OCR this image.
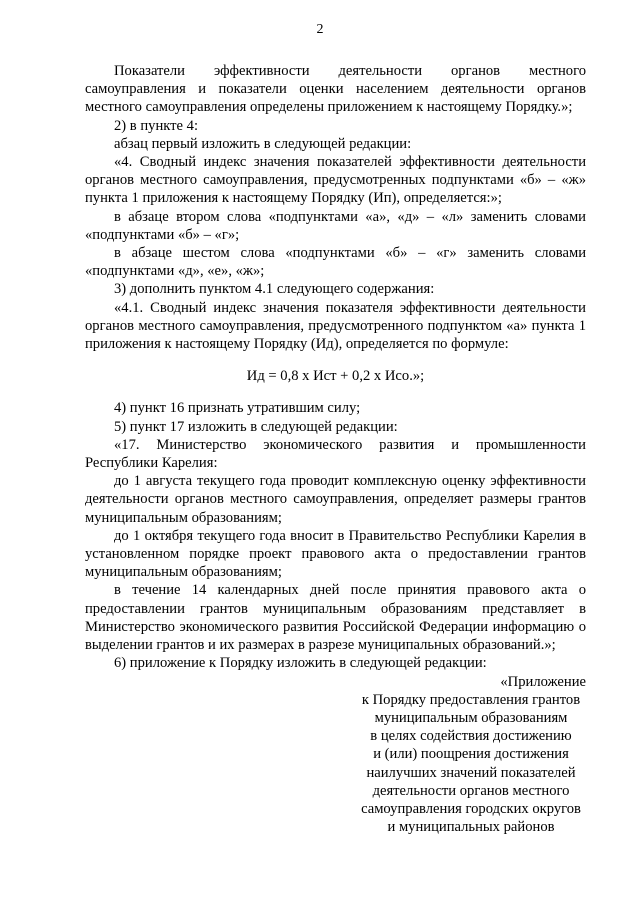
2

Показатели эффективности деятельности органов местного самоуправления и показатели оценки населением деятельности органов местного самоуправления определены приложением к настоящему Порядку.»;

2) в пункте 4:

абзац первый изложить в следующей редакции:

«4. Сводный индекс значения показателей эффективности деятельности органов местного самоуправления, предусмотренных подпунктами «б» – «ж» пункта 1 приложения к настоящему Порядку (Ип), определяется:»;

в абзаце втором слова «подпунктами «а», «д» – «л» заменить словами «подпунктами «б» – «г»;

в абзаце шестом слова «подпунктами «б» – «г» заменить словами «подпунктами «д», «е», «ж»;

3) дополнить пунктом 4.1 следующего содержания:

«4.1. Сводный индекс значения показателя эффективности деятельности органов местного самоуправления, предусмотренного подпунктом «а» пункта 1 приложения к настоящему Порядку (Ид), определяется по формуле:

Ид = 0,8 x Ист + 0,2 x Исо.»;

4) пункт 16 признать утратившим силу;

5) пункт 17 изложить в следующей редакции:

«17. Министерство экономического развития и промышленности Республики Карелия:

до 1 августа текущего года проводит комплексную оценку эффективности деятельности органов местного самоуправления, определяет размеры грантов муниципальным образованиям;

до 1 октября текущего года вносит в Правительство Республики Карелия в установленном порядке проект правового акта о предоставлении грантов муниципальным образованиям;

в течение 14 календарных дней после принятия правового акта о предоставлении грантов муниципальным образованиям представляет в Министерство экономического развития Российской Федерации информацию о выделении грантов и их размерах в разрезе муниципальных образований.»;

6) приложение к Порядку изложить в следующей редакции:

«Приложение
к Порядку предоставления грантов
муниципальным образованиям
в целях содействия достижению
и (или) поощрения достижения
наилучших значений показателей
деятельности органов местного
самоуправления городских округов
и муниципальных районов
